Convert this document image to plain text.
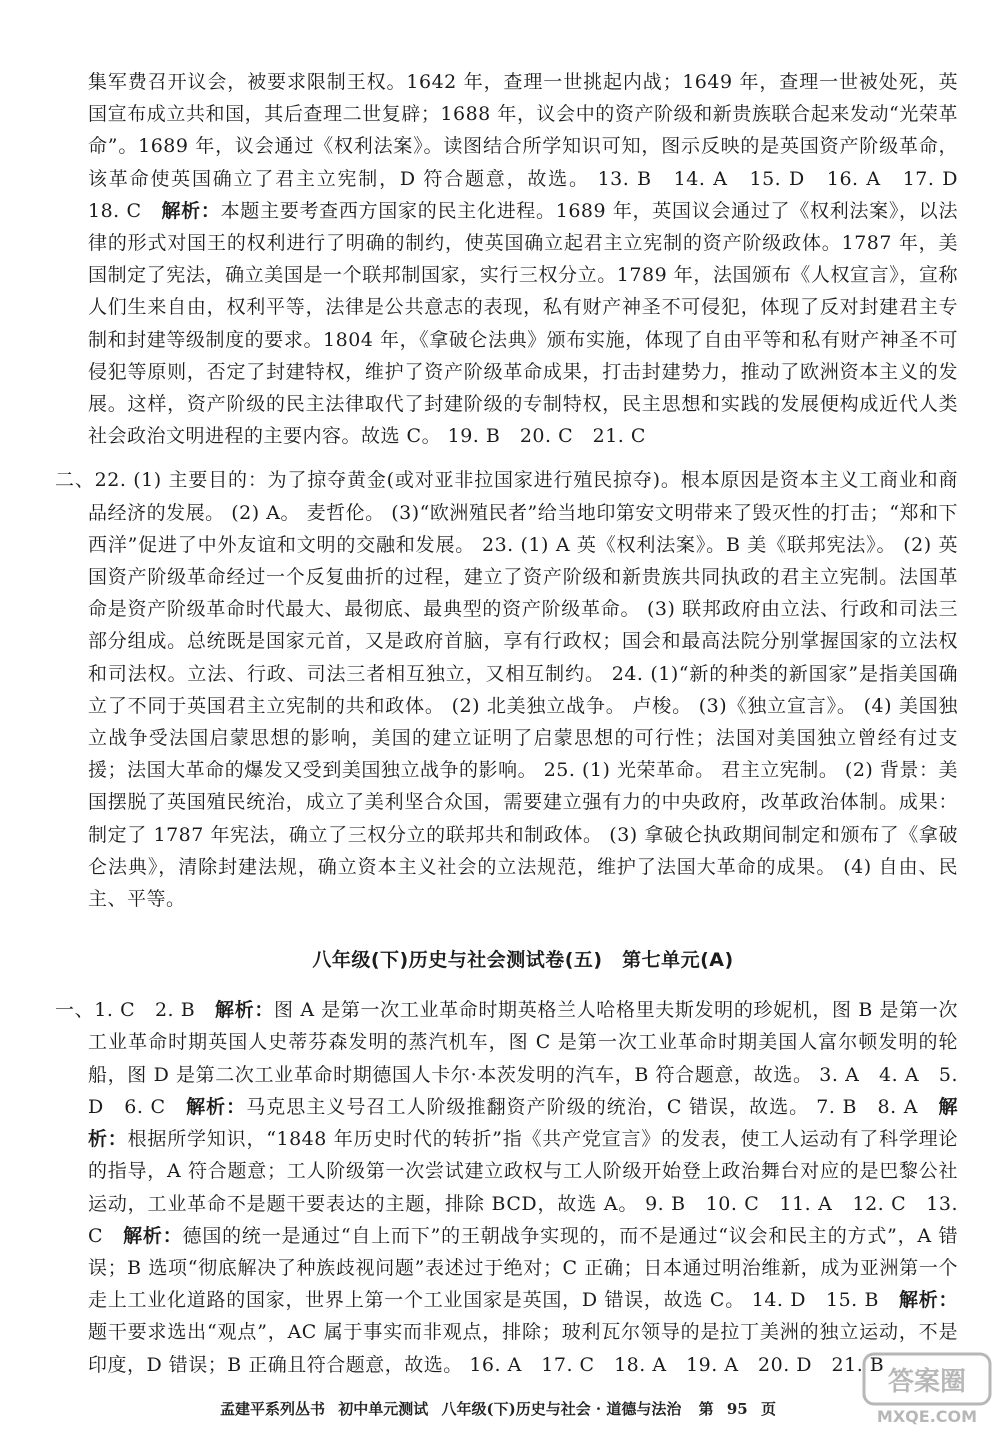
集军费召开议会，被要求限制王权。1642 年，查理一世挑起内战；1649 年，查理一世被处死，英国宣布成立共和国，其后查理二世复辟；1688 年，议会中的资产阶级和新贵族联合起来发动“光荣革命”。1689 年，议会通过《权利法案》。读图结合所学知识可知，图示反映的是英国资产阶级革命，该革命使英国确立了君主立宪制，D 符合题意，故选。 13. B　14. A　15. D　16. A　17. D　18. C　解析：本题主要考查西方国家的民主化进程。1689 年，英国议会通过了《权利法案》，以法律的形式对国王的权利进行了明确的制约，使英国确立起君主立宪制的资产阶级政体。1787 年，美国制定了宪法，确立美国是一个联邦制国家，实行三权分立。1789 年，法国颁布《人权宣言》，宣称人们生来自由，权利平等，法律是公共意志的表现，私有财产神圣不可侵犯，体现了反对封建君主专制和封建等级制度的要求。1804 年，《拿破仑法典》颁布实施，体现了自由平等和私有财产神圣不可侵犯等原则，否定了封建特权，维护了资产阶级革命成果，打击封建势力，推动了欧洲资本主义的发展。这样，资产阶级的民主法律取代了封建阶级的专制特权，民主思想和实践的发展便构成近代人类社会政治文明进程的主要内容。故选 C。 19. B　20. C　21. C

二、22. (1) 主要目的：为了掠夺黄金(或对亚非拉国家进行殖民掠夺)。根本原因是资本主义工商业和商品经济的发展。 (2) A。 麦哲伦。 (3)“欧洲殖民者”给当地印第安文明带来了毁灭性的打击；“郑和下西洋”促进了中外友谊和文明的交融和发展。 23. (1) A 英《权利法案》。B 美《联邦宪法》。 (2) 英国资产阶级革命经过一个反复曲折的过程，建立了资产阶级和新贵族共同执政的君主立宪制。法国革命是资产阶级革命时代最大、最彻底、最典型的资产阶级革命。 (3) 联邦政府由立法、行政和司法三部分组成。总统既是国家元首，又是政府首脑，享有行政权；国会和最高法院分别掌握国家的立法权和司法权。立法、行政、司法三者相互独立，又相互制约。 24. (1)“新的种类的新国家”是指美国确立了不同于英国君主立宪制的共和政体。 (2) 北美独立战争。 卢梭。 (3)《独立宣言》。 (4) 美国独立战争受法国启蒙思想的影响，美国的建立证明了启蒙思想的可行性；法国对美国独立曾经有过支援；法国大革命的爆发又受到美国独立战争的影响。 25. (1) 光荣革命。 君主立宪制。 (2) 背景：美国摆脱了英国殖民统治，成立了美利坚合众国，需要建立强有力的中央政府，改革政治体制。成果：制定了 1787 年宪法，确立了三权分立的联邦共和制政体。 (3) 拿破仑执政期间制定和颁布了《拿破仑法典》，清除封建法规，确立资本主义社会的立法规范，维护了法国大革命的成果。 (4) 自由、民主、平等。

八年级(下)历史与社会测试卷(五)　第七单元(A)

一、1. C　2. B　解析：图 A 是第一次工业革命时期英格兰人哈格里夫斯发明的珍妮机，图 B 是第一次工业革命时期英国人史蒂芬森发明的蒸汽机车，图 C 是第一次工业革命时期美国人富尔顿发明的轮船，图 D 是第二次工业革命时期德国人卡尔·本茨发明的汽车，B 符合题意，故选。 3. A　4. A　5. D　6. C　解析：马克思主义号召工人阶级推翻资产阶级的统治，C 错误，故选。 7. B　8. A　解析：根据所学知识，“1848 年历史时代的转折”指《共产党宣言》的发表，使工人运动有了科学理论的指导，A 符合题意；工人阶级第一次尝试建立政权与工人阶级开始登上政治舞台对应的是巴黎公社运动，工业革命不是题干要表达的主题，排除 BCD，故选 A。 9. B　10. C　11. A　12. C　13. C　解析：德国的统一是通过“自上而下”的王朝战争实现的，而不是通过“议会和民主的方式”，A 错误；B 选项“彻底解决了种族歧视问题”表述过于绝对；C 正确；日本通过明治维新，成为亚洲第一个走上工业化道路的国家，世界上第一个工业国家是英国，D 错误，故选 C。 14. D　15. B　解析：题干要求选出“观点”，AC 属于事实而非观点，排除；玻利瓦尔领导的是拉丁美洲的独立运动，不是印度，D 错误；B 正确且符合题意，故选。 16. A　17. C　18. A　19. A　20. D　21. B

孟建平系列丛书 初中单元测试 八年级(下)历史与社会 · 道德与法治 第 95 页
答案圈
MXQE.COM
